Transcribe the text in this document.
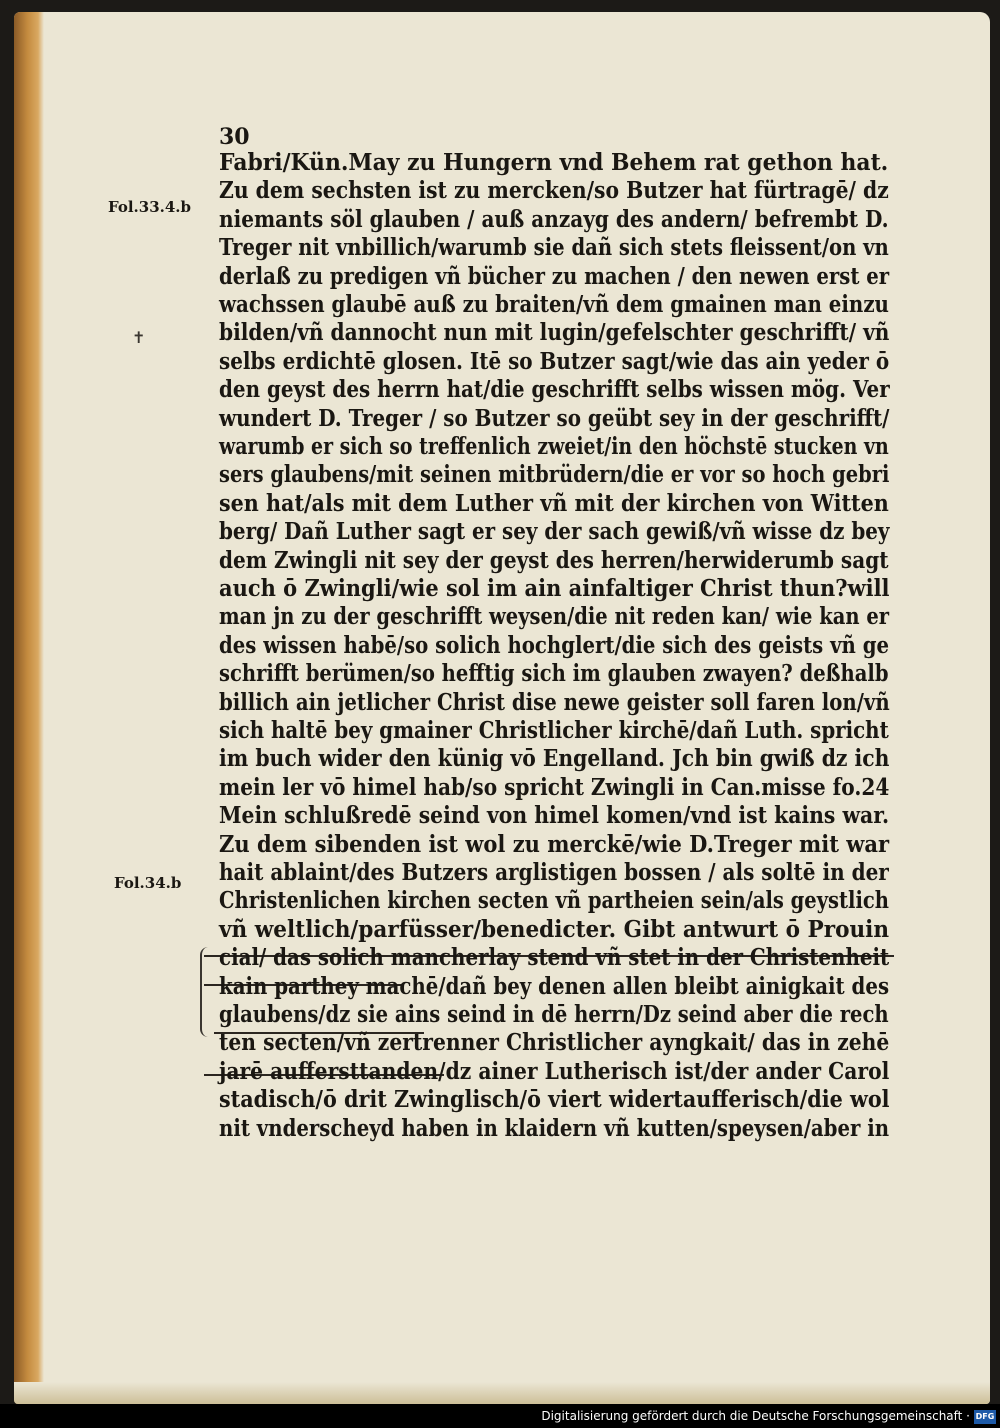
30
Fol.33.4.b
Fol.34.b
✝
Fabri/Kün.May zu Hungern vnd Behem rat gethon hat.
Zu dem sechsten ist zu mercken/so Butzer hat fürtragē/ dz
niemants söl glauben / auß anzayg des andern/ befrembt D.
Treger nit vnbillich/warumb sie dañ sich stets fleissent/on vn
derlaß zu predigen vñ bücher zu machen / den newen erst er
wachssen glaubē auß zu braiten/vñ dem gmainen man einzu
bilden/vñ dannocht nun mit lugin/gefelschter geschrifft/ vñ
selbs erdichtē glosen. Itē so Butzer sagt/wie das ain yeder ō
den geyst des herrn hat/die geschrifft selbs wissen mög. Ver
wundert D. Treger / so Butzer so geübt sey in der geschrifft/
warumb er sich so treffenlich zweiet/in den höchstē stucken vn
sers glaubens/mit seinen mitbrüdern/die er vor so hoch gebri
sen hat/als mit dem Luther vñ mit der kirchen von Witten
berg/ Dañ Luther sagt er sey der sach gewiß/vñ wisse dz bey
dem Zwingli nit sey der geyst des herren/herwiderumb sagt
auch ō Zwingli/wie sol im ain ainfaltiger Christ thun?will
man jn zu der geschrifft weysen/die nit reden kan/ wie kan er
des wissen habē/so solich hochglert/die sich des geists vñ ge
schrifft berümen/so hefftig sich im glauben zwayen? deßhalb
billich ain jetlicher Christ dise newe geister soll faren lon/vñ
sich haltē bey gmainer Christlicher kirchē/dañ Luth. spricht
im buch wider den künig vō Engelland. Jch bin gwiß dz ich
mein ler vō himel hab/so spricht Zwingli in Can.misse fo.24
Mein schlußredē seind von himel komen/vnd ist kains war.
Zu dem sibenden ist wol zu merckē/wie D.Treger mit war
hait ablaint/des Butzers arglistigen bossen / als soltē in der
Christenlichen kirchen secten vñ partheien sein/als geystlich
vñ weltlich/parfüsser/benedicter. Gibt antwurt ō Prouin
cial/ das solich mancherlay stend vñ stet in der Christenheit
kain parthey machē/dañ bey denen allen bleibt ainigkait des
glaubens/dz sie ains seind in dē herrn/Dz seind aber die rech
ten secten/vñ zertrenner Christlicher ayngkait/ das in zehē
jarē auffersttanden/dz ainer Lutherisch ist/der ander Carol
stadisch/ō drit Zwinglisch/ō viert widertaufferisch/die wol
nit vnderscheyd haben in klaidern vñ kutten/speysen/aber in
Digitalisierung gefördert durch die Deutsche Forschungsgemeinschaft · DFG
